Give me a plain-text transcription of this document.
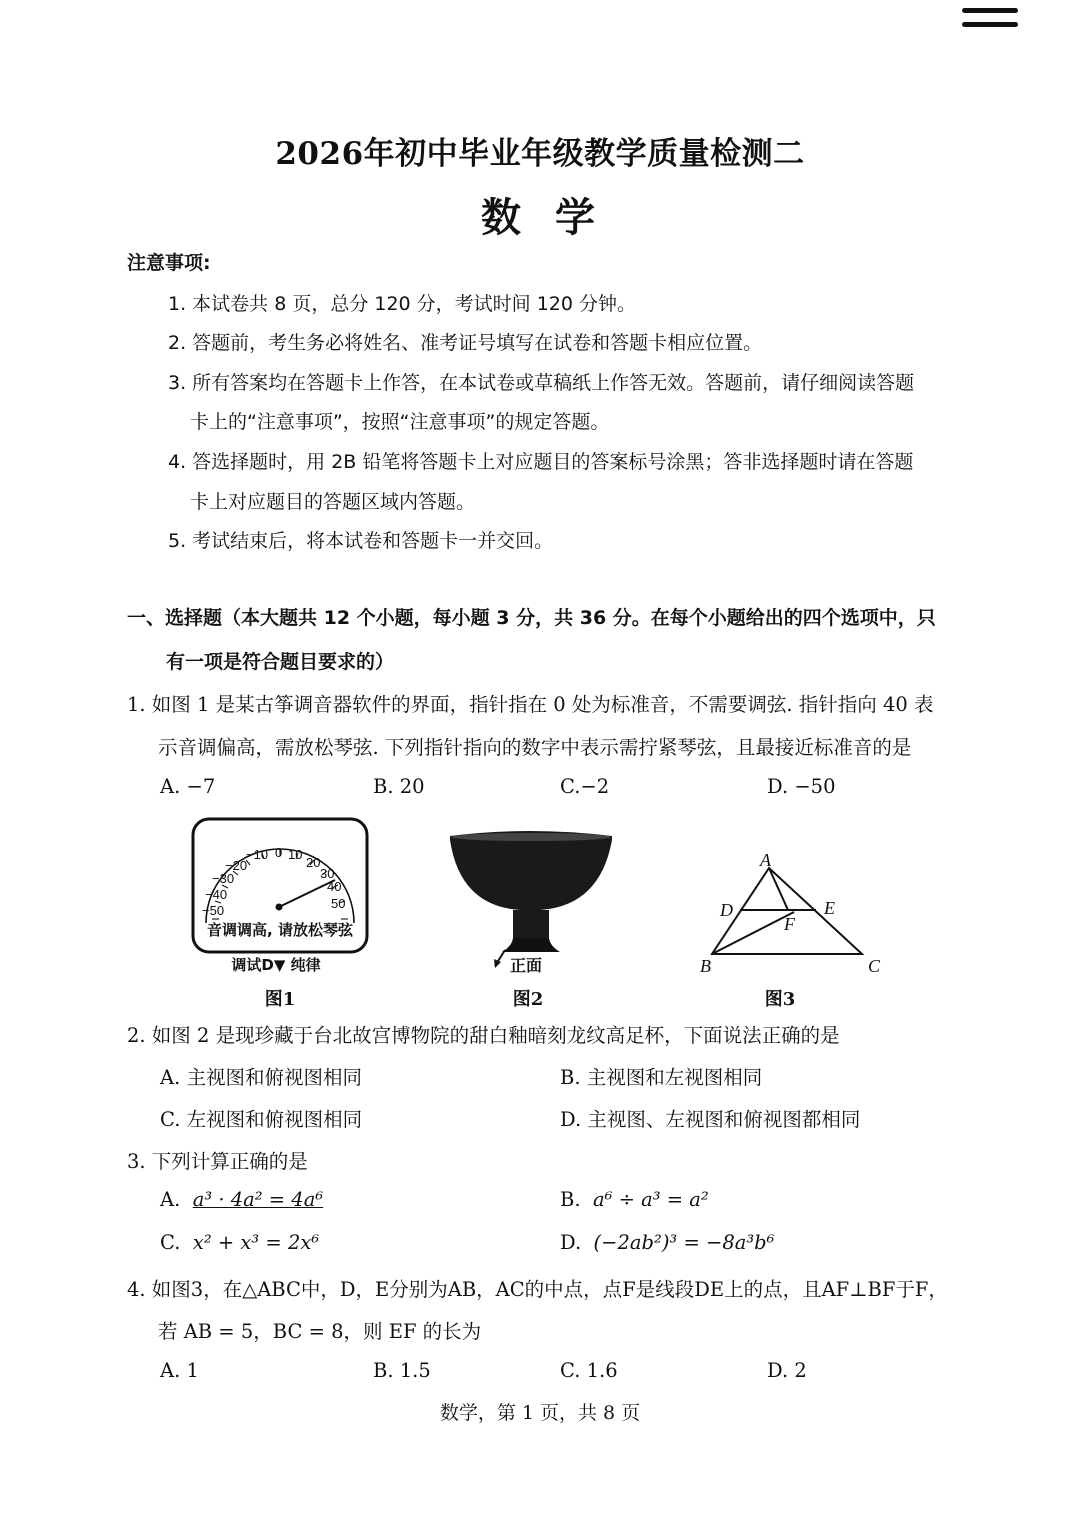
2026年初中毕业年级教学质量检测二
数学
注意事项:
1. 本试卷共 8 页，总分 120 分，考试时间 120 分钟。
2. 答题前，考生务必将姓名、准考证号填写在试卷和答题卡相应位置。
3. 所有答案均在答题卡上作答，在本试卷或草稿纸上作答无效。答题前，请仔细阅读答题
卡上的“注意事项”，按照“注意事项”的规定答题。
4. 答选择题时，用 2B 铅笔将答题卡上对应题目的答案标号涂黑；答非选择题时请在答题
卡上对应题目的答题区域内答题。
5. 考试结束后，将本试卷和答题卡一并交回。
一、选择题（本大题共 12 个小题，每小题 3 分，共 36 分。在每个小题给出的四个选项中，只
有一项是符合题目要求的）
1. 如图 1 是某古筝调音器软件的界面，指针指在 0 处为标准音，不需要调弦. 指针指向 40 表
示音调偏高，需放松琴弦. 下列指针指向的数字中表示需拧紧琴弦，且最接近标准音的是
A. −7	B. 20	C.−2	D. −50
−10 0 10
−20	20
−30	30
−40
40
−50	50
音调调高, 请放松琴弦
调试D▼ 纯律
图1
正面
图2
A
B	C
D	E
F
图3
2. 如图 2 是现珍藏于台北故宫博物院的甜白釉暗刻龙纹高足杯，下面说法正确的是
A. 主视图和俯视图相同	B. 主视图和左视图相同
C. 左视图和俯视图相同	D. 主视图、左视图和俯视图都相同
3. 下列计算正确的是
A. a³ · 4a² = 4a⁶	B. a⁶ ÷ a³ = a²
C. x² + x³ = 2x⁶	D. (−2ab²)³ = −8a³b⁶
4. 如图3，在△ABC中，D，E分别为AB，AC的中点，点F是线段DE上的点，且AF⊥BF于F，
若 AB = 5，BC = 8，则 EF 的长为
A. 1	B. 1.5	C. 1.6	D. 2
数学，第 1 页，共 8 页
